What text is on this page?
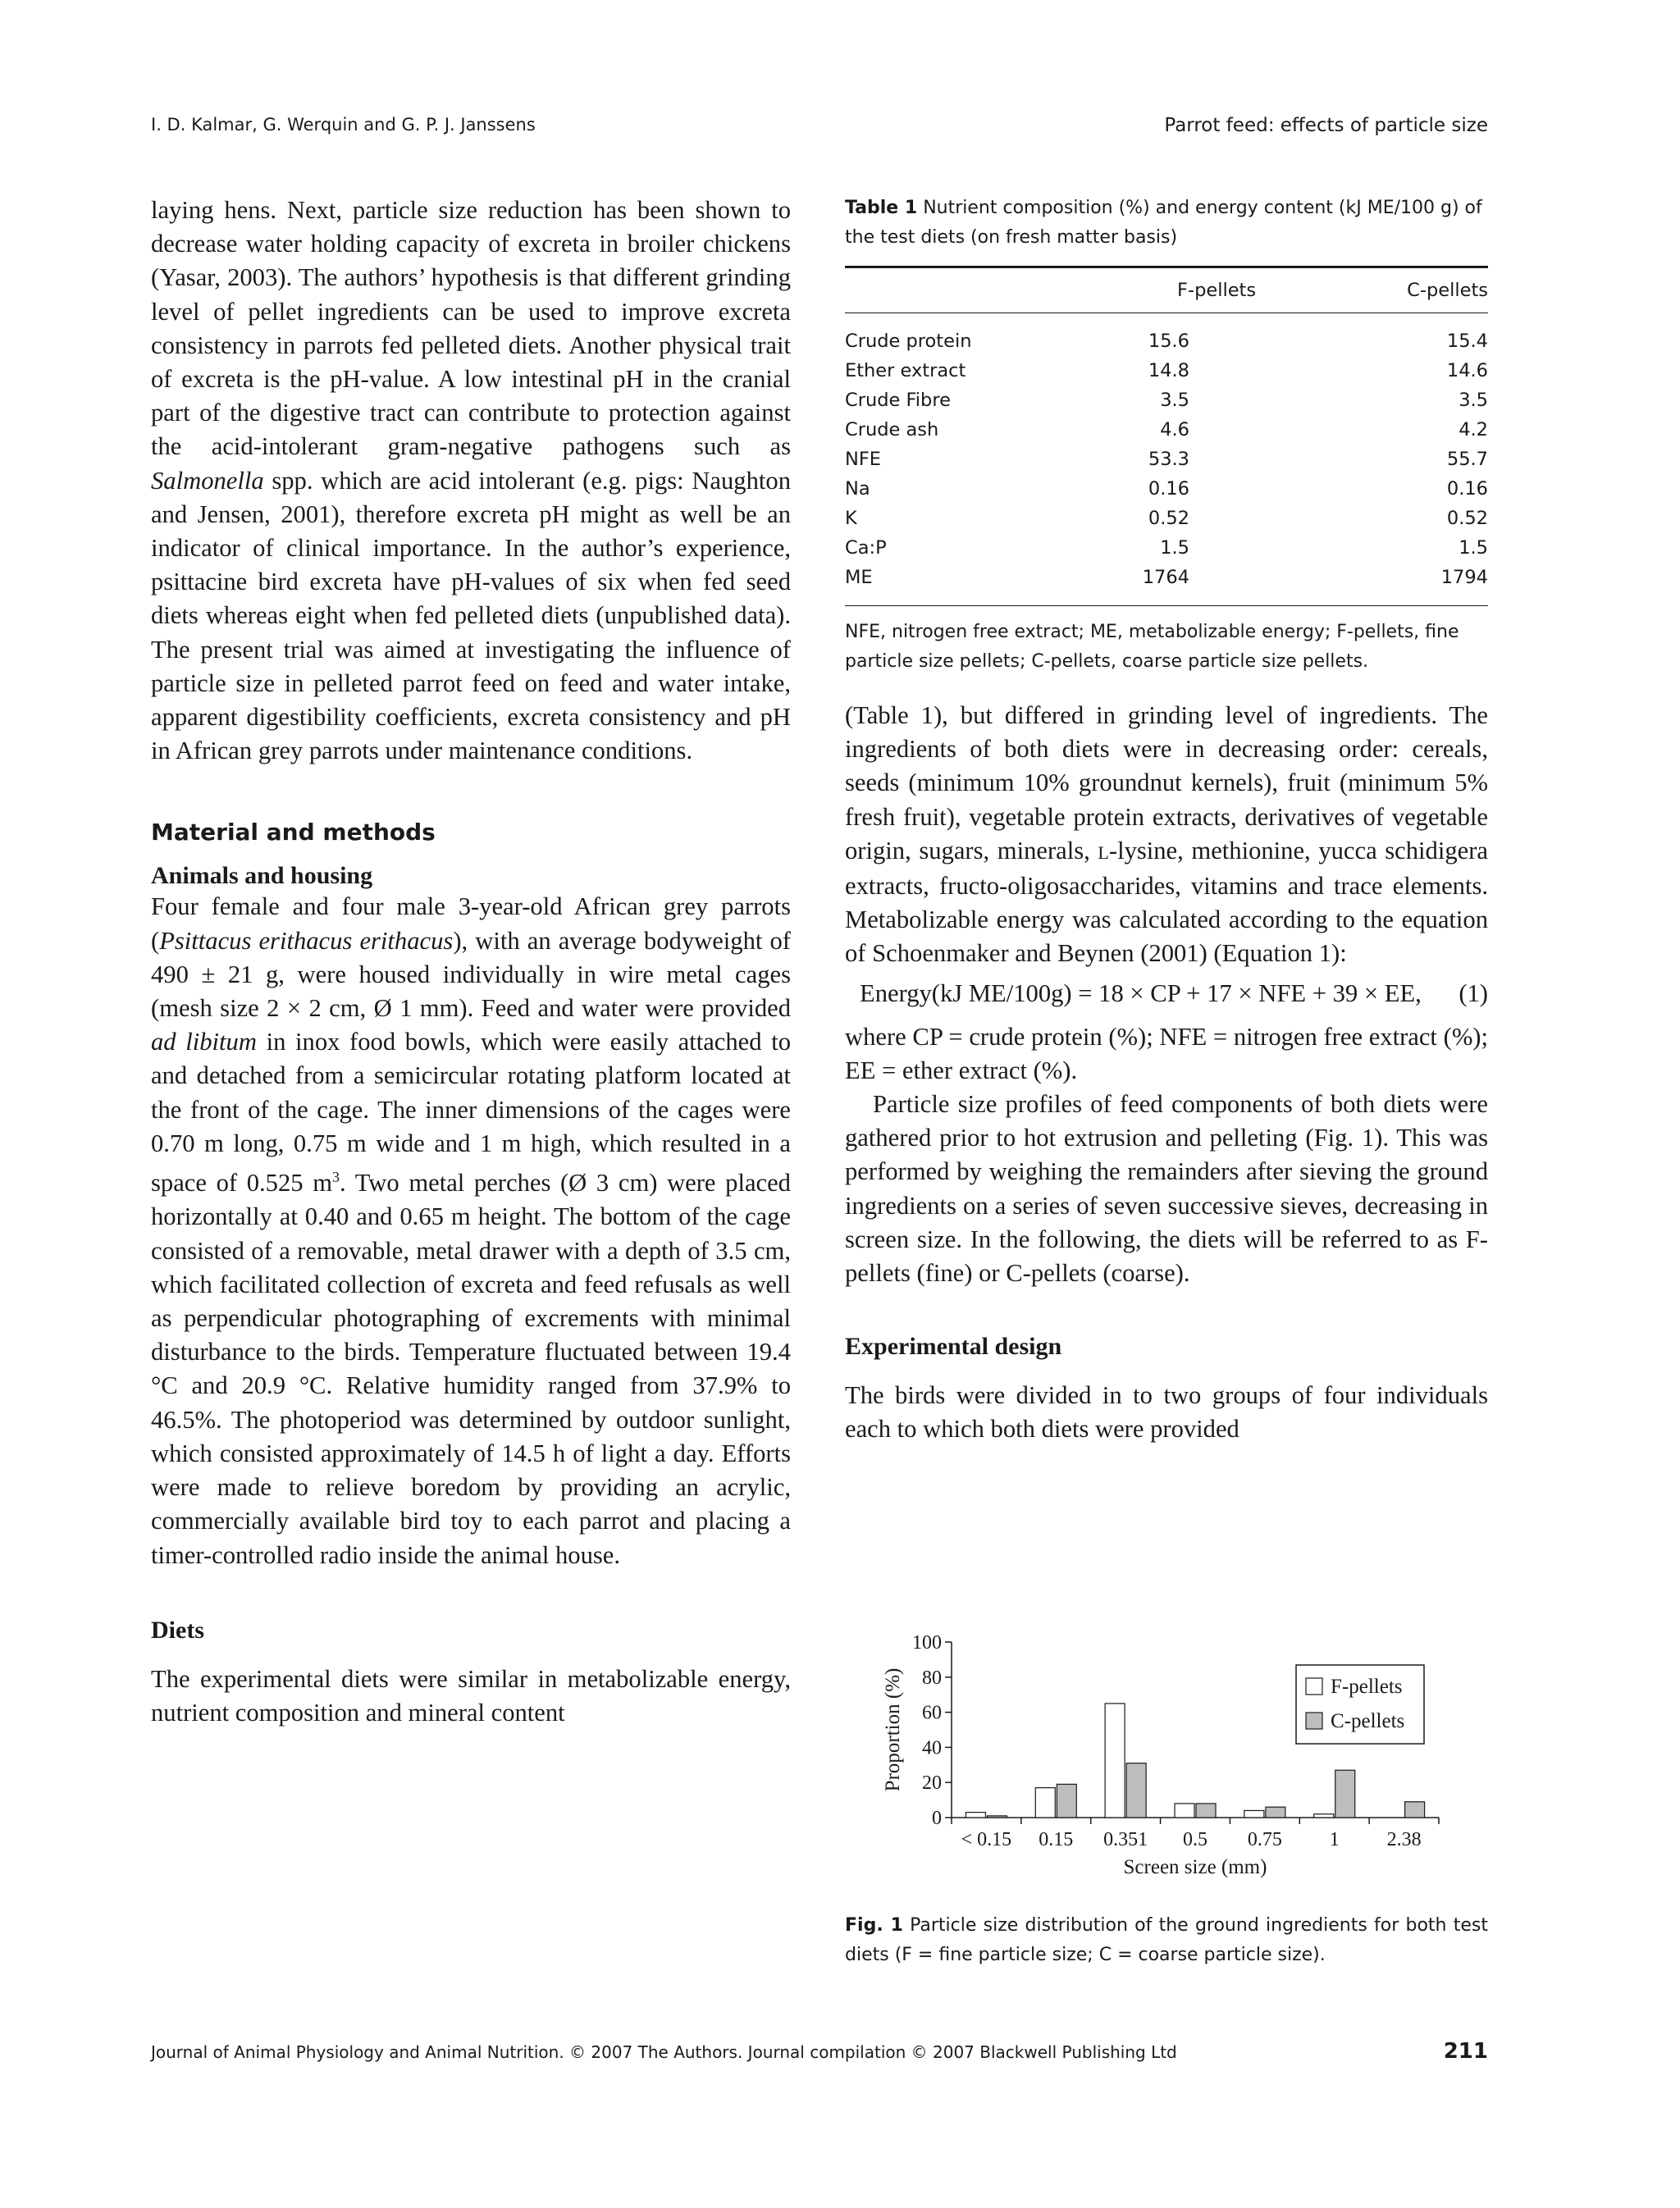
I. D. Kalmar, G. Werquin and G. P. J. Janssens	Parrot feed: effects of particle size

laying hens. Next, particle size reduction has been shown to decrease water holding capacity of excreta in broiler chickens (Yasar, 2003). The authors’ hypothesis is that different grinding level of pellet ingredients can be used to improve excreta consistency in parrots fed pelleted diets. Another physical trait of excreta is the pH-value. A low intestinal pH in the cranial part of the digestive tract can contribute to protection against the acid-intolerant gram-negative pathogens such as Salmonella spp. which are acid intolerant (e.g. pigs: Naughton and Jensen, 2001), therefore excreta pH might as well be an indicator of clinical importance. In the author’s experience, psittacine bird excreta have pH-values of six when fed seed diets whereas eight when fed pelleted diets (unpublished data). The present trial was aimed at investigating the influence of particle size in pelleted parrot feed on feed and water intake, apparent digestibility coefficients, excreta consistency and pH in African grey parrots under maintenance conditions.

Material and methods
Animals and housing

Four female and four male 3-year-old African grey parrots (Psittacus erithacus erithacus), with an average bodyweight of 490 ± 21 g, were housed individually in wire metal cages (mesh size 2 × 2 cm, Ø 1 mm). Feed and water were provided ad libitum in inox food bowls, which were easily attached to and detached from a semicircular rotating platform located at the front of the cage. The inner dimensions of the cages were 0.70 m long, 0.75 m wide and 1 m high, which resulted in a space of 0.525 $m^3$. Two metal perches (Ø 3 cm) were placed horizontally at 0.40 and 0.65 m height. The bottom of the cage consisted of a removable, metal drawer with a depth of 3.5 cm, which facilitated collection of excreta and feed refusals as well as perpendicular photographing of excrements with minimal disturbance to the birds. Temperature fluctuated between 19.4 °C and 20.9 °C. Relative humidity ranged from 37.9% to 46.5%. The photoperiod was determined by outdoor sunlight, which consisted approximately of 14.5 h of light a day. Efforts were made to relieve boredom by providing an acrylic, commercially available bird toy to each parrot and placing a timer-controlled radio inside the animal house.

Diets

The experimental diets were similar in metabolizable energy, nutrient composition and mineral content

Table 1 Nutrient composition (%) and energy content (kJ ME/100 g) of the test diets (on fresh matter basis)

	F-pellets	C-pellets

Crude protein	15.6		15.4
Ether extract	14.8		14.6
Crude Fibre	3.5		3.5
Crude ash	4.6		4.2
NFE	53.3		55.7
Na	0.16		0.16
K	0.52		0.52
Ca:P	1.5		1.5
ME	1764		1794

NFE, nitrogen free extract; ME, metabolizable energy; F-pellets, fine particle size pellets; C-pellets, coarse particle size pellets.

(Table 1), but differed in grinding level of ingredients. The ingredients of both diets were in decreasing order: cereals, seeds (minimum 10% groundnut kernels), fruit (minimum 5% fresh fruit), vegetable protein extracts, derivatives of vegetable origin, sugars, minerals, L-lysine, methionine, yucca schidigera extracts, fructo-oligosaccharides, vitamins and trace elements. Metabolizable energy was calculated according to the equation of Schoenmaker and Beynen (2001) (Equation 1):

Energy(kJ ME/100g) = 18 × CP + 17 × NFE + 39 × EE, (1)

where CP = crude protein (%); NFE = nitrogen free extract (%); EE = ether extract (%).

Particle size profiles of feed components of both diets were gathered prior to hot extrusion and pelleting (Fig. 1). This was performed by weighing the remainders after sieving the ground ingredients on a series of seven successive sieves, decreasing in screen size. In the following, the diets will be referred to as F-pellets (fine) or C-pellets (coarse).

Experimental design

The birds were divided in to two groups of four individuals each to which both diets were provided

0
20
40
60
80
100
< 0.15 0.15 0.351 0.5 0.75 1 2.38
Screen size (mm)
Proportion (%)	F-pellets
C-pellets

Fig. 1 Particle size distribution of the ground ingredients for both test diets (F = fine particle size; C = coarse particle size).

Journal of Animal Physiology and Animal Nutrition. © 2007 The Authors. Journal compilation © 2007 Blackwell Publishing Ltd	211
